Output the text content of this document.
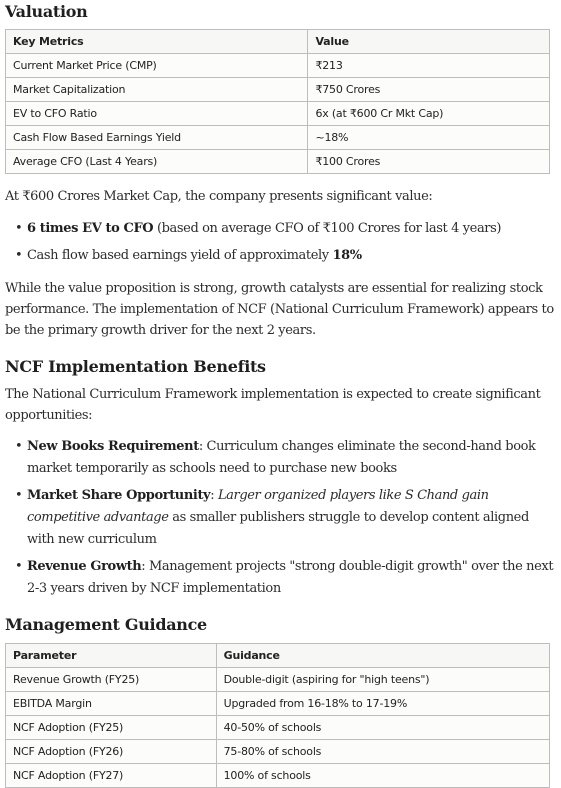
Valuation
Key Metrics	Value
Current Market Price (CMP)	₹213
Market Capitalization	₹750 Crores
EV to CFO Ratio	6x (at ₹600 Cr Mkt Cap)
Cash Flow Based Earnings Yield	~18%
Average CFO (Last 4 Years)	₹100 Crores

At ₹600 Crores Market Cap, the company presents significant value:

• 6 times EV to CFO (based on average CFO of ₹100 Crores for last 4 years)
• Cash flow based earnings yield of approximately 18%

While the value proposition is strong, growth catalysts are essential for realizing stock performance. The implementation of NCF (National Curriculum Framework) appears to be the primary growth driver for the next 2 years.

NCF Implementation Benefits

The National Curriculum Framework implementation is expected to create significant opportunities:

• New Books Requirement: Curriculum changes eliminate the second-hand book market temporarily as schools need to purchase new books
• Market Share Opportunity: Larger organized players like S Chand gain competitive advantage as smaller publishers struggle to develop content aligned with new curriculum
• Revenue Growth: Management projects "strong double-digit growth" over the next 2-3 years driven by NCF implementation
Management Guidance
Parameter	Guidance
Revenue Growth (FY25)	Double-digit (aspiring for "high teens")
EBITDA Margin	Upgraded from 16-18% to 17-19%
NCF Adoption (FY25)	40-50% of schools
NCF Adoption (FY26)	75-80% of schools
NCF Adoption (FY27)	100% of schools
